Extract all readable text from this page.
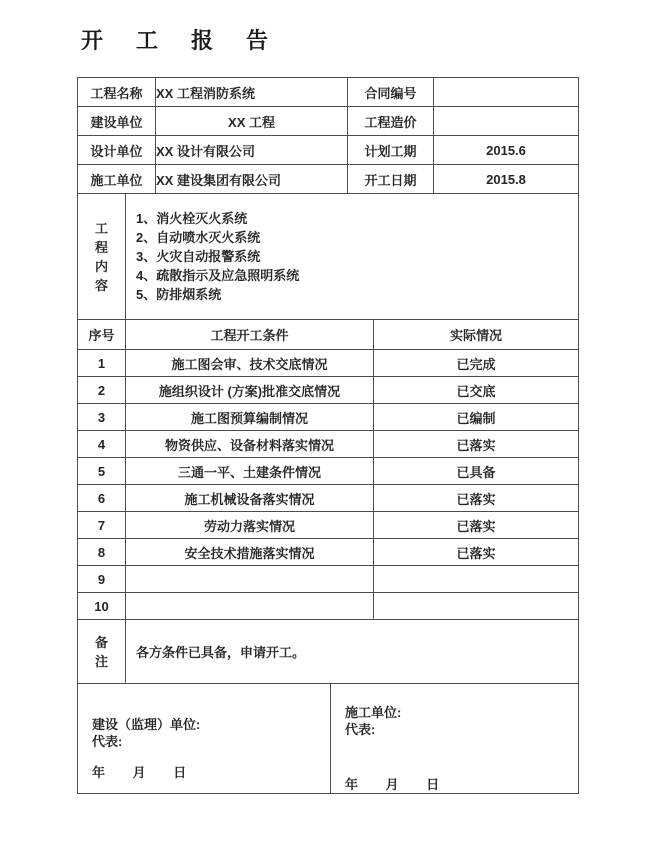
开工报告
工程名称		XX 工程消防系统		合同编号		
建设单位		XX 工程		工程造价		
设计单位		XX 设计有限公司		计划工期		2015.6
施工单位		XX 建设集团有限公司		开工日期		2015.8

工
程
内
容

1、消火栓灭火系统
2、自动喷水灭火系统
3、火灾自动报警系统
4、疏散指示及应急照明系统
5、防排烟系统

序号	工程开工条件				实际情况	
1	施工图会审、技术交底情况				已完成	
2	施组织设计 (方案)批准交底情况				已交底	
3	施工图预算编制情况				已编制	
4	物资供应、设备材料落实情况				已落实	
5	三通一平、土建条件情况				已具备	
6	施工机械设备落实情况				已落实	
7	劳动力落实情况				已落实	
8	安全技术措施落实情况				已落实	
9						
10						

备
注	各方条件已具备，申请开工。					

建设（监理）单位:
代表:
年 月 日

施工单位:
代表:
年 月 日
